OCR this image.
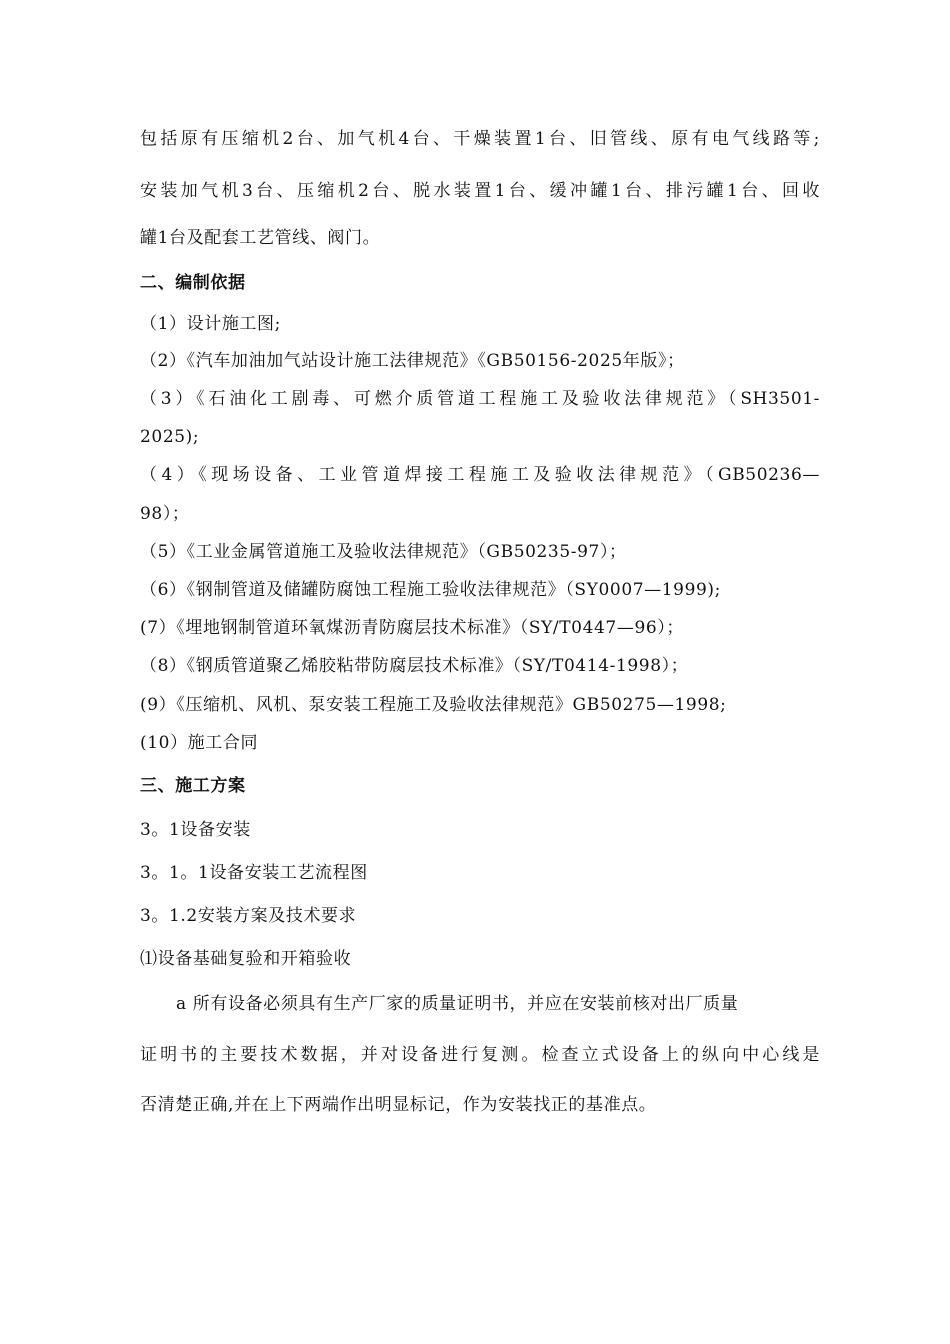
包括原有压缩机2台、加气机4台、干燥装置1台、旧管线、原有电气线路等;
安装加气机3台、压缩机2台、脱水装置1台、缓冲罐1台、排污罐1台、回收
罐1台及配套工艺管线、阀门。
二、编制依据
（1）设计施工图;
（2）《汽车加油加气站设计施工法律规范》《GB50156-2025年版》；
（3）《石油化工剧毒、可燃介质管道工程施工及验收法律规范》（SH3501-
2025);
（4）《现场设备、工业管道焊接工程施工及验收法律规范》（GB50236—
98）；
（5）《工业金属管道施工及验收法律规范》（GB50235-97）；
（6）《钢制管道及储罐防腐蚀工程施工验收法律规范》（SY0007—1999);
(7）《埋地钢制管道环氧煤沥青防腐层技术标准》（SY/T0447—96）；
（8）《钢质管道聚乙烯胶粘带防腐层技术标准》（SY/T0414-1998）；
(9）《压缩机、风机、泵安装工程施工及验收法律规范》GB50275—1998;
(10）施工合同
三、施工方案
3。1设备安装
3。1。1设备安装工艺流程图
3。1.2安装方案及技术要求
⑴设备基础复验和开箱验收
a 所有设备必须具有生产厂家的质量证明书，并应在安装前核对出厂质量
证明书的主要技术数据，并对设备进行复测。检查立式设备上的纵向中心线是
否清楚正确,并在上下两端作出明显标记，作为安装找正的基准点。
